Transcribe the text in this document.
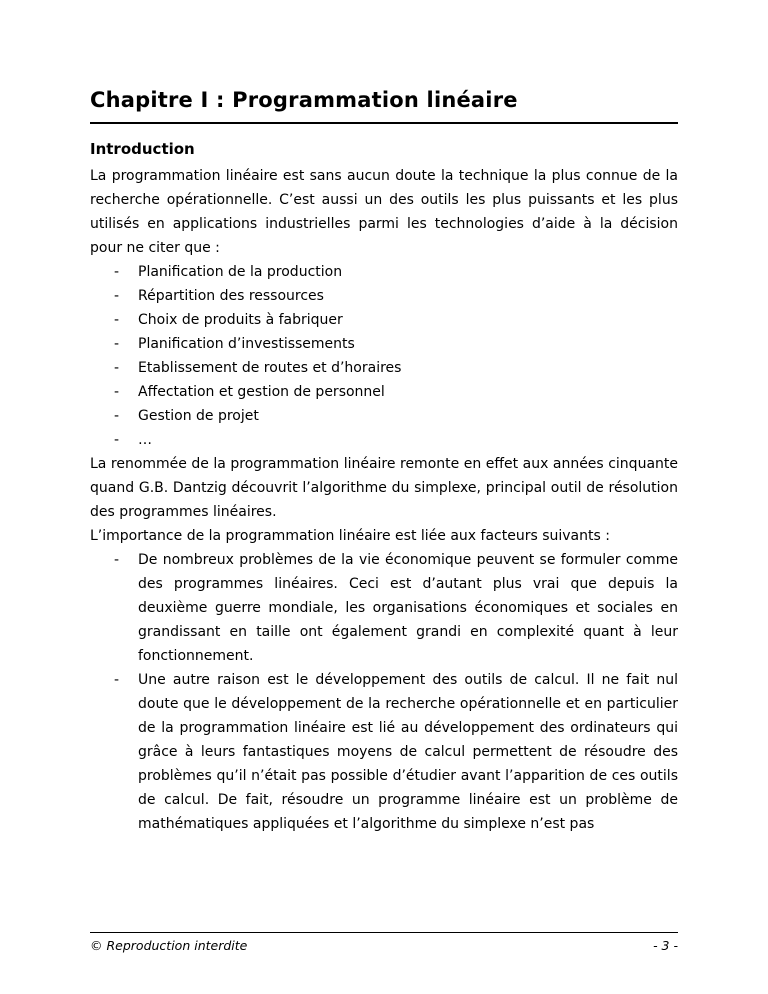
Chapitre I : Programmation linéaire
Introduction

La programmation linéaire est sans aucun doute la technique la plus connue de la recherche opérationnelle. C’est aussi un des outils les plus puissants et les plus utilisés en applications industrielles parmi les technologies d’aide à la décision pour ne citer que :

- Planification de la production
- Répartition des ressources
- Choix de produits à fabriquer
- Planification d’investissements
- Etablissement de routes et d’horaires
- Affectation et gestion de personnel
- Gestion de projet
- …

La renommée de la programmation linéaire remonte en effet aux années cinquante quand G.B. Dantzig découvrit l’algorithme du simplexe, principal outil de résolution des programmes linéaires.

L’importance de la programmation linéaire est liée aux facteurs suivants :

- De nombreux problèmes de la vie économique peuvent se formuler comme des programmes linéaires. Ceci est d’autant plus vrai que depuis la deuxième guerre mondiale, les organisations économiques et sociales en grandissant en taille ont également grandi en complexité quant à leur fonctionnement.
- Une autre raison est le développement des outils de calcul. Il ne fait nul doute que le développement de la recherche opérationnelle et en particulier de la programmation linéaire est lié au développement des ordinateurs qui grâce à leurs fantastiques moyens de calcul permettent de résoudre des problèmes qu’il n’était pas possible d’étudier avant l’apparition de ces outils de calcul. De fait, résoudre un programme linéaire est un problème de mathématiques appliquées et l’algorithme du simplexe n’est pas
© Reproduction interdite	- 3 -
